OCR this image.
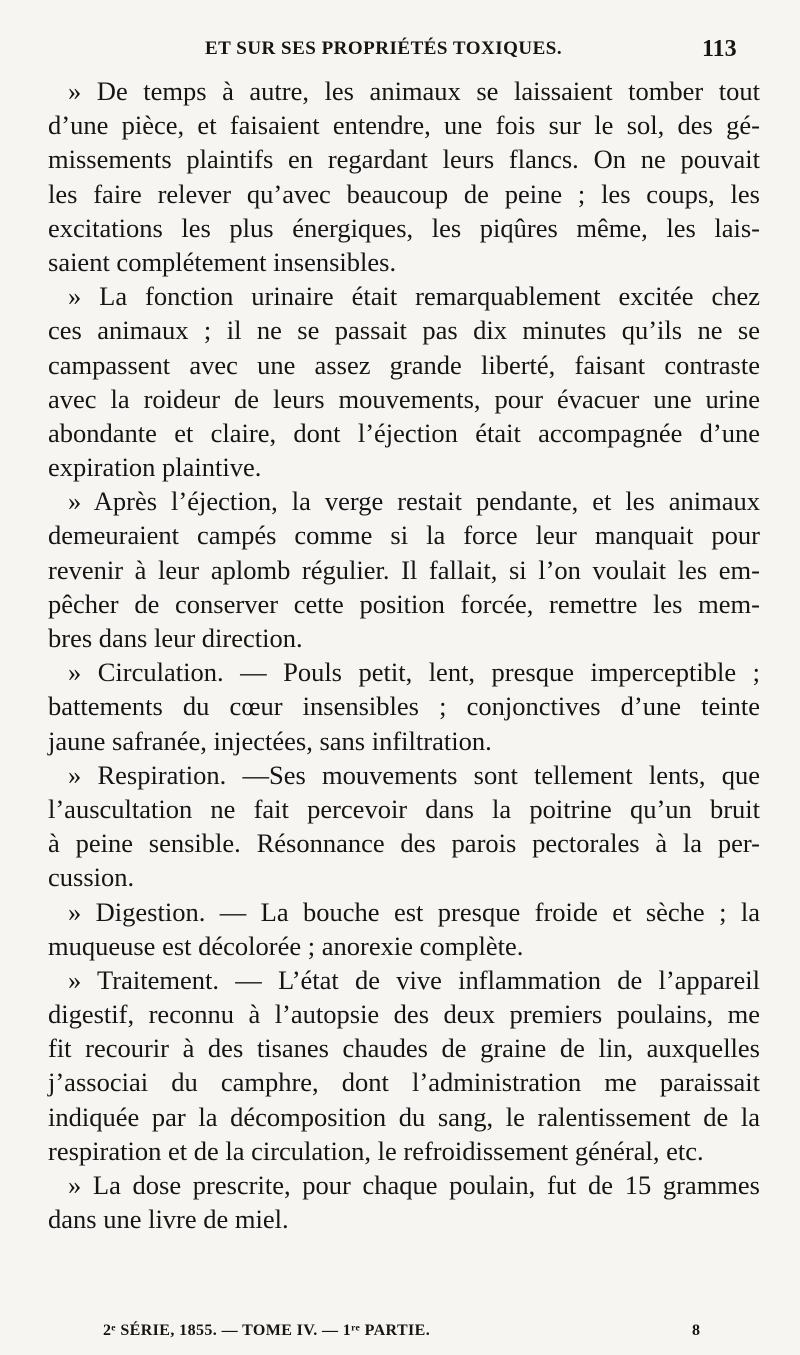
ET SUR SES PROPRIÉTÉS TOXIQUES.	113
» De temps à autre, les animaux se laissaient tomber tout
d’une pièce, et faisaient entendre, une fois sur le sol, des gé-
missements plaintifs en regardant leurs flancs. On ne pouvait
les faire relever qu’avec beaucoup de peine ; les coups, les
excitations les plus énergiques, les piqûres même, les lais-
saient complétement insensibles.
» La fonction urinaire était remarquablement excitée chez
ces animaux ; il ne se passait pas dix minutes qu’ils ne se
campassent avec une assez grande liberté, faisant contraste
avec la roideur de leurs mouvements, pour évacuer une urine
abondante et claire, dont l’éjection était accompagnée d’une
expiration plaintive.
» Après l’éjection, la verge restait pendante, et les animaux
demeuraient campés comme si la force leur manquait pour
revenir à leur aplomb régulier. Il fallait, si l’on voulait les em-
pêcher de conserver cette position forcée, remettre les mem-
bres dans leur direction.
» Circulation. — Pouls petit, lent, presque imperceptible ;
battements du cœur insensibles ; conjonctives d’une teinte
jaune safranée, injectées, sans infiltration.
» Respiration. —Ses mouvements sont tellement lents, que
l’auscultation ne fait percevoir dans la poitrine qu’un bruit
à peine sensible. Résonnance des parois pectorales à la per-
cussion.
» Digestion. — La bouche est presque froide et sèche ; la
muqueuse est décolorée ; anorexie complète.
» Traitement. — L’état de vive inflammation de l’appareil
digestif, reconnu à l’autopsie des deux premiers poulains, me
fit recourir à des tisanes chaudes de graine de lin, auxquelles
j’associai du camphre, dont l’administration me paraissait
indiquée par la décomposition du sang, le ralentissement de la
respiration et de la circulation, le refroidissement général, etc.
» La dose prescrite, pour chaque poulain, fut de 15 grammes
dans une livre de miel.
2ᵉ SÉRIE, 1855. — TOME IV. — 1ʳᵉ PARTIE.	8
